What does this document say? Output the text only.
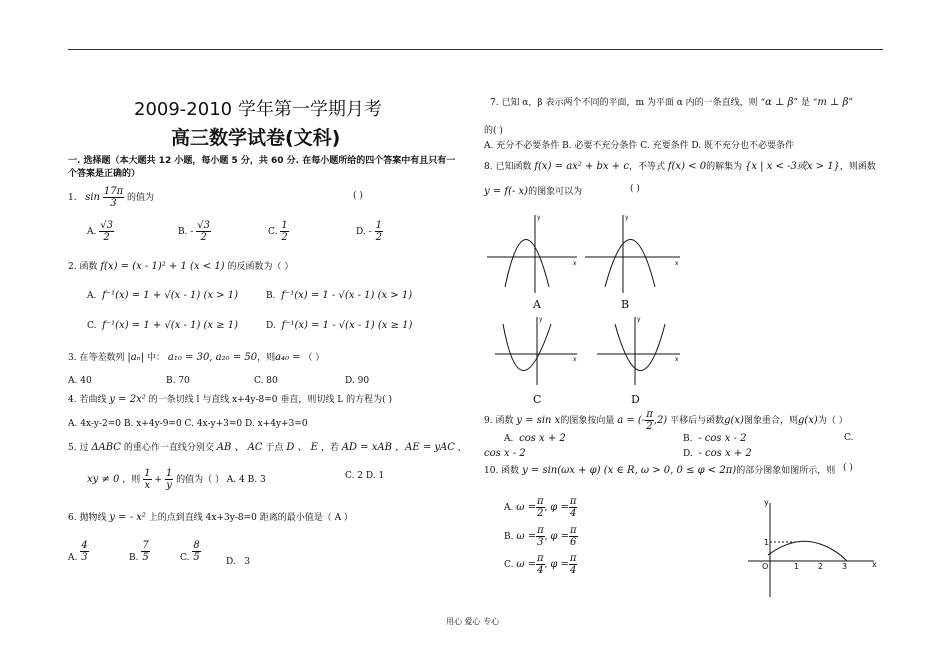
2009-2010 学年第一学期月考
高三数学试卷(文科)
一. 选择题（本大题共 12 小题，每小题 5 分，共 60 分. 在每小题所给的四个答案中有且只有一
个答案是正确的）
1. $\sin \frac{17\pi}{3}$ 的值为	( )
A. $\frac{√3}{2}$	B. - $\frac{√3}{2}$	C. $\frac{1}{2}$	D. - $\frac{1}{2}$
2. 函数 f(x) = (x - 1)² + 1 (x < 1) 的反函数为（ ）
A. f⁻¹(x) = 1 + √(x - 1) (x > 1)	B. f⁻¹(x) = 1 - √(x - 1) (x > 1)
C. f⁻¹(x) = 1 + √(x - 1) (x ≥ 1)	D. f⁻¹(x) = 1 - √(x - 1) (x ≥ 1)
3. 在等差数列 |aₙ| 中： a₁₀ = 30, a₂₀ = 50，则a₄₀ = （ ）
A. 40	B. 70	C. 80	D. 90
4. 若曲线 y = 2x² 的一条切线 l 与直线 x+4y-8=0 垂直，则切线 L 的方程为( )
A. 4x-y-2=0 B. x+4y-9=0 C. 4x-y+3=0 D. x+4y+3=0
5. 过 ΔABC 的重心作一直线分别交 AB 、 AC 于点 D 、 E ，若 AD = xAB ，AE = yAC ，
xy ≠ 0 ，则 $\frac{1}{x} + \frac{1}{y}$ 的值为（ ） A. 4 B. 3	C. 2 D. 1
6. 抛物线 y = - x² 上的点到直线 4x+3y-8=0 距离的最小值是（ A ）
A. $\frac{4}{3}$	B. $\frac{7}{5}$	C. $\frac{8}{5}$	D. 3
7. 已知 α，β 表示两个不同的平面，m 为平面 α 内的一条直线，则 “α ⊥ β” 是 “m ⊥ β”
的( )
A. 充分不必要条件 B. 必要不充分条件 C. 充要条件 D. 既不充分也不必要条件
8. 已知函数 f(x) = ax² + bx + c，不等式 f(x) < 0的解集为 {x | x < -3或x > 1}，则函数
y = f(- x)的图象可以为	( )
y
x
y
x
y
x
y
x
A	B
C	D
9. 函数 y = sin x的图象按向量 a = (- $\frac{\pi}{2} ,2$) 平移后与函数g(x)图象重合，则g(x)为（ ）
A. cos x + 2	B. - cos x - 2	C.
cos x - 2	D. - cos x + 2
10. 函数 y = sin(ωx + φ) (x ∈ R, ω > 0, 0 ≤ φ < 2π)的部分图象如图所示，则 ( )
A. $\omega = \frac{\pi}{2}$ , $\varphi = \frac{\pi}{4}$
B. $\omega = \frac{\pi}{3}$ , $\varphi = \frac{\pi}{6}$
C. $\omega = \frac{\pi}{4}$ , $\varphi = \frac{\pi}{4}$
y
x
O
1
1 2 3
用心 爱心 专心
